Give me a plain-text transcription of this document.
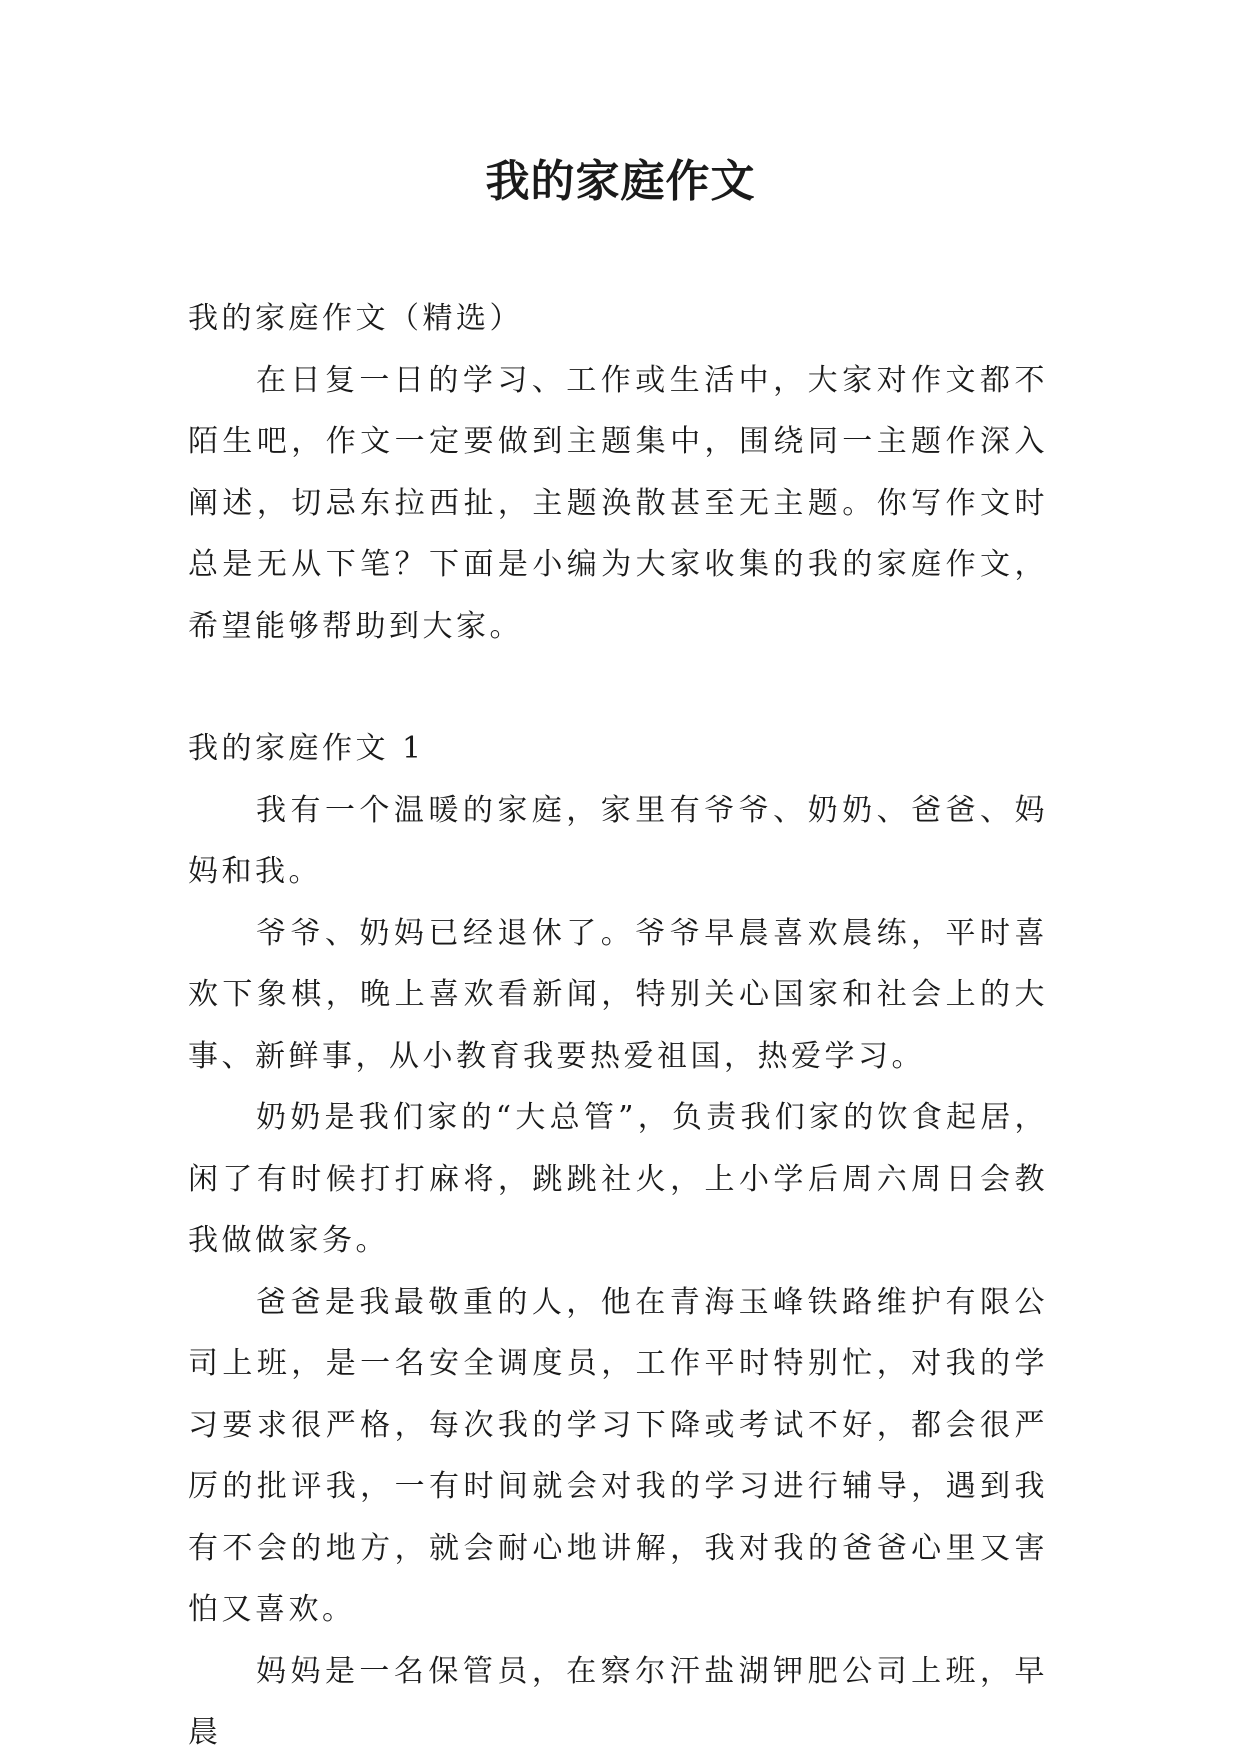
我的家庭作文

我的家庭作文（精选）

在日复一日的学习、工作或生活中，大家对作文都不陌生吧，作文一定要做到主题集中，围绕同一主题作深入阐述，切忌东拉西扯，主题涣散甚至无主题。你写作文时总是无从下笔？下面是小编为大家收集的我的家庭作文，希望能够帮助到大家。

我的家庭作文 1

我有一个温暖的家庭，家里有爷爷、奶奶、爸爸、妈妈和我。

爷爷、奶妈已经退休了。爷爷早晨喜欢晨练，平时喜欢下象棋，晚上喜欢看新闻，特别关心国家和社会上的大事、新鲜事，从小教育我要热爱祖国，热爱学习。

奶奶是我们家的“大总管”，负责我们家的饮食起居，闲了有时候打打麻将，跳跳社火，上小学后周六周日会教我做做家务。

爸爸是我最敬重的人，他在青海玉峰铁路维护有限公司上班，是一名安全调度员，工作平时特别忙，对我的学习要求很严格，每次我的学习下降或考试不好，都会很严厉的批评我，一有时间就会对我的学习进行辅导，遇到我有不会的地方，就会耐心地讲解，我对我的爸爸心里又害怕又喜欢。

妈妈是一名保管员，在察尔汗盐湖钾肥公司上班，早晨
